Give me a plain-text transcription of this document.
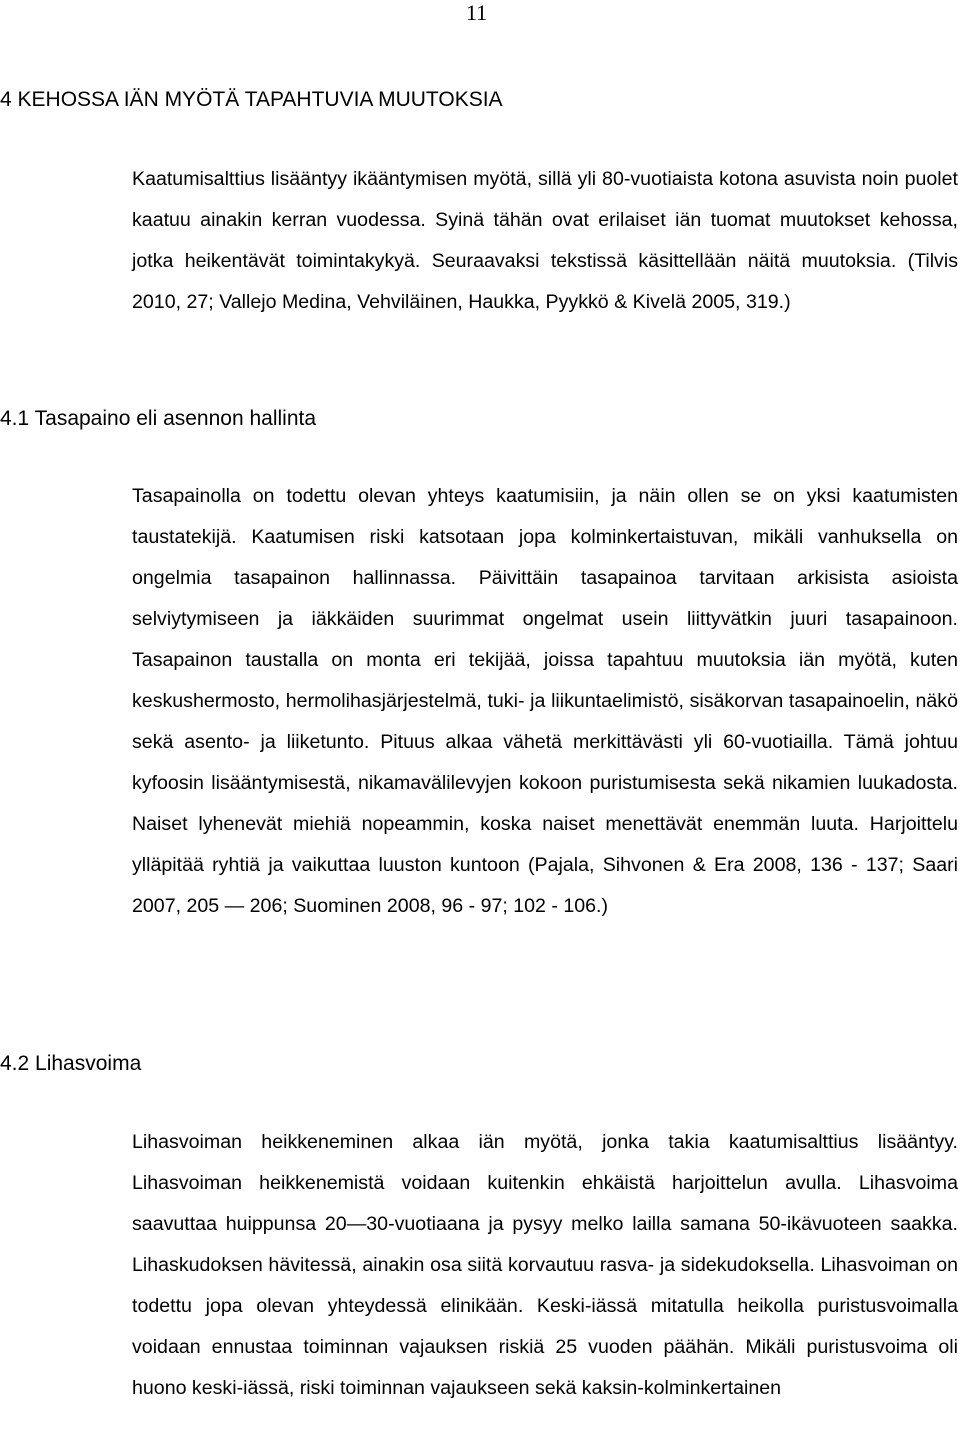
11
4 KEHOSSA IÄN MYÖTÄ TAPAHTUVIA MUUTOKSIA

Kaatumisalttius lisääntyy ikääntymisen myötä, sillä yli 80-vuotiaista kotona asuvista noin puolet kaatuu ainakin kerran vuodessa. Syinä tähän ovat erilaiset iän tuomat muutokset kehossa, jotka heikentävät toimintakykyä. Seuraavaksi tekstissä käsittellään näitä muutoksia. (Tilvis 2010, 27; Vallejo Medina, Vehviläinen, Haukka, Pyykkö & Kivelä 2005, 319.)

4.1 Tasapaino eli asennon hallinta

Tasapainolla on todettu olevan yhteys kaatumisiin, ja näin ollen se on yksi kaatumisten taustatekijä. Kaatumisen riski katsotaan jopa kolminkertaistuvan, mikäli vanhuksella on ongelmia tasapainon hallinnassa. Päivittäin tasapainoa tarvitaan arkisista asioista selviytymiseen ja iäkkäiden suurimmat ongelmat usein liittyvätkin juuri tasapainoon. Tasapainon taustalla on monta eri tekijää, joissa tapahtuu muutoksia iän myötä, kuten keskushermosto, hermolihasjärjestelmä, tuki- ja liikuntaelimistö, sisäkorvan tasapainoelin, näkö sekä asento- ja liiketunto. Pituus alkaa vähetä merkittävästi yli 60-vuotiailla. Tämä johtuu kyfoosin lisääntymisestä, nikamavälilevyjen kokoon puristumisesta sekä nikamien luukadosta. Naiset lyhenevät miehiä nopeammin, koska naiset menettävät enemmän luuta. Harjoittelu ylläpitää ryhtiä ja vaikuttaa luuston kuntoon (Pajala, Sihvonen & Era 2008, 136 - 137; Saari 2007, 205 — 206; Suominen 2008, 96 - 97; 102 - 106.)

4.2 Lihasvoima

Lihasvoiman heikkeneminen alkaa iän myötä, jonka takia kaatumisalttius lisääntyy. Lihasvoiman heikkenemistä voidaan kuitenkin ehkäistä harjoittelun avulla. Lihasvoima saavuttaa huippunsa 20—30-vuotiaana ja pysyy melko lailla samana 50-ikävuoteen saakka. Lihaskudoksen hävitessä, ainakin osa siitä korvautuu rasva- ja sidekudoksella. Lihasvoiman on todettu jopa olevan yhteydessä elinikään. Keski-iässä mitatulla heikolla puristusvoimalla voidaan ennustaa toiminnan vajauksen riskiä 25 vuoden päähän. Mikäli puristusvoima oli huono keski-iässä, riski toiminnan vajaukseen sekä kaksin-kolminkertainen
